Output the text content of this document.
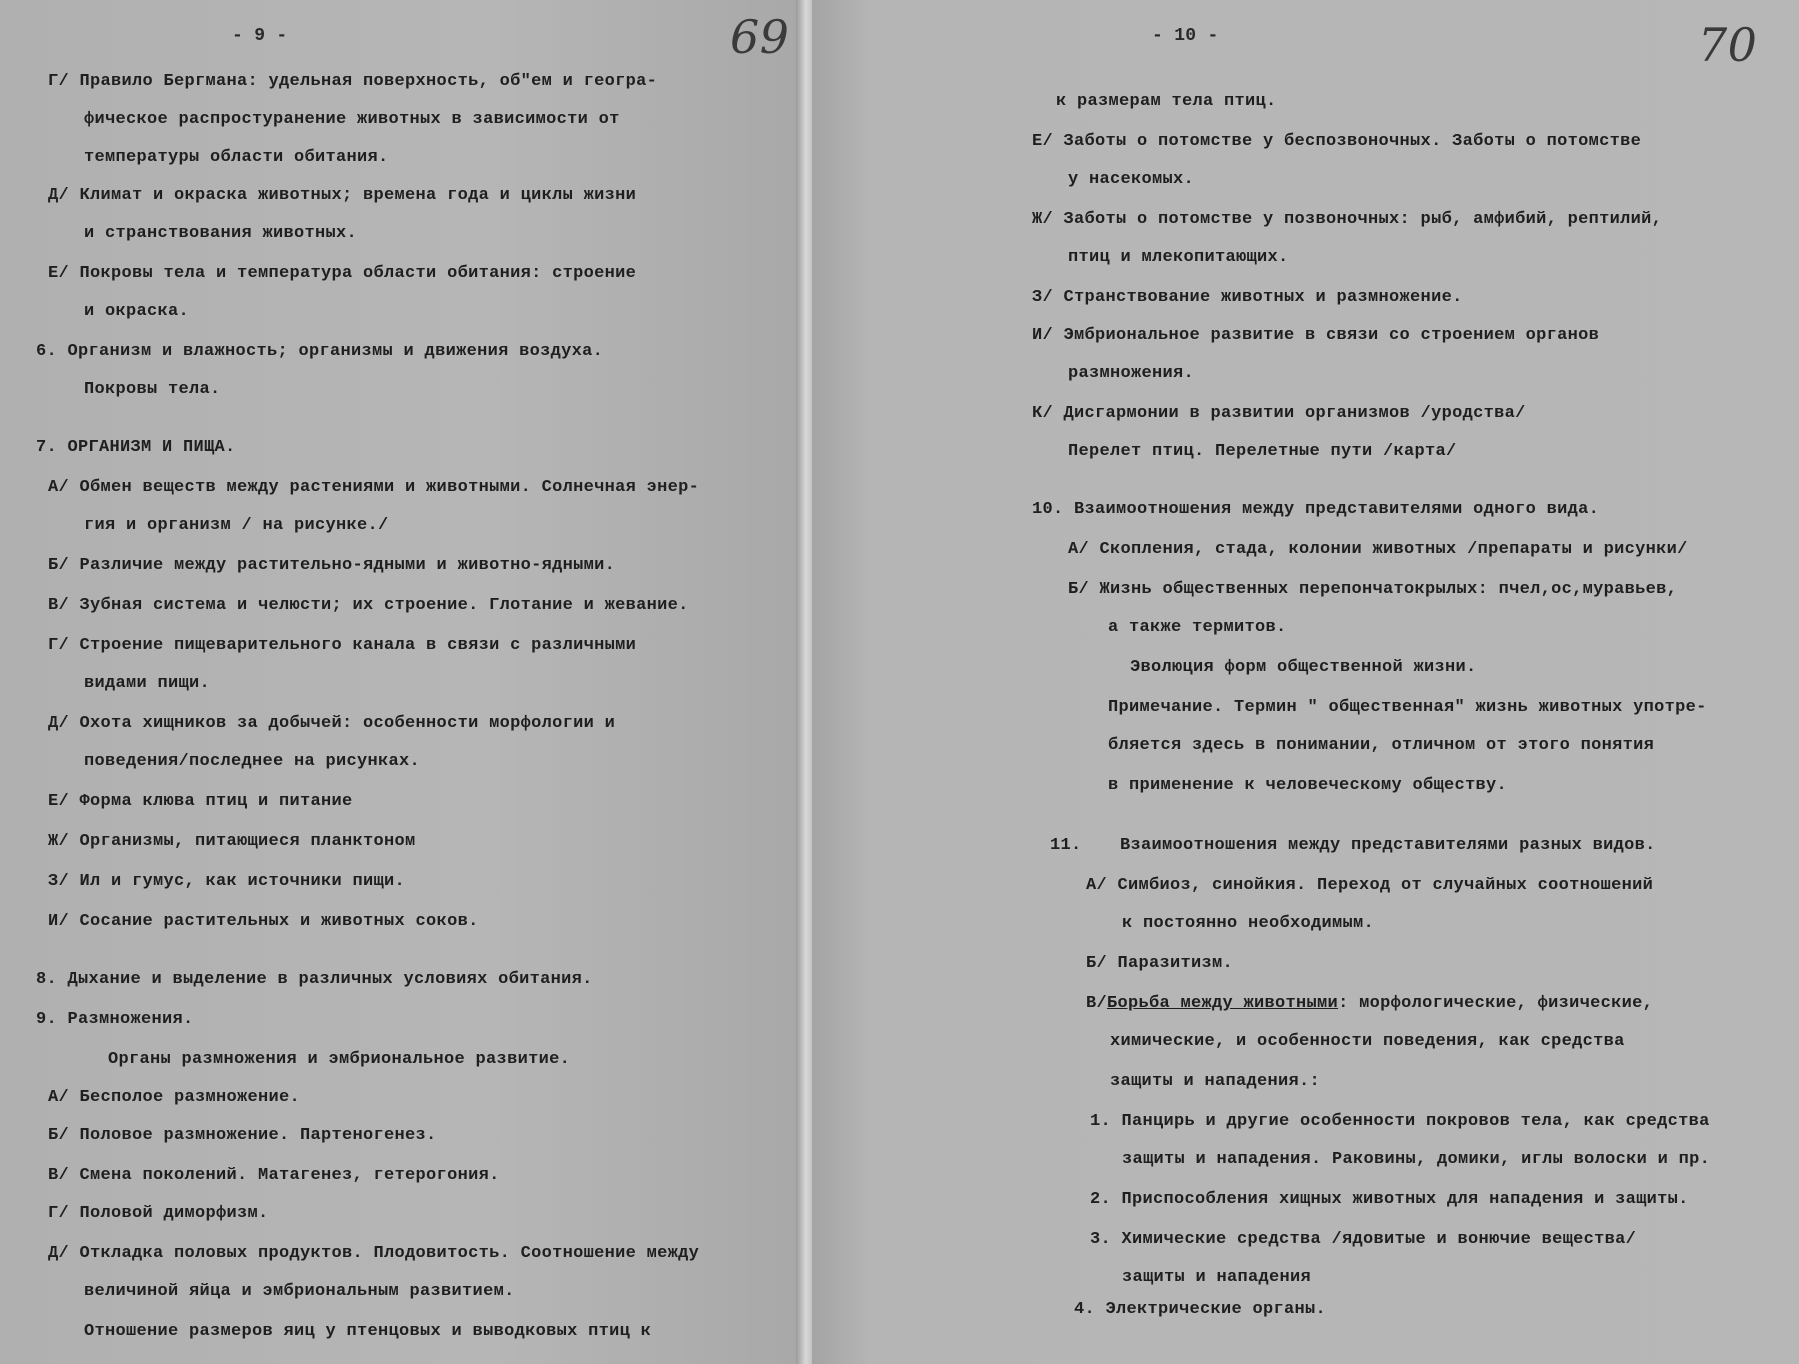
- 9 -	69
Г/ Правило Бергмана: удельная поверхность, об"ем и геогра-
фическое распростуранение животных в зависимости от
температуры области обитания.
Д/ Климат и окраска животных; времена года и циклы жизни
и странствования животных.
Е/ Покровы тела и температура области обитания: строение
и окраска.
6. Организм и влажность; организмы и движения воздуха.
Покровы тела.
7. ОРГАНИЗМ И ПИЩА.
А/ Обмен веществ между растениями и животными. Солнечная энер-
гия и организм / на рисунке./
Б/ Различие между растительно-ядными и животно-ядными.
В/ Зубная система и челюсти; их строение. Глотание и жевание.
Г/ Строение пищеварительного канала в связи с различными
видами пищи.
Д/ Охота хищников за добычей: особенности морфологии и
поведения/последнее на рисунках.
Е/ Форма клюва птиц и питание
Ж/ Организмы, питающиеся планктоном
З/ Ил и гумус, как источники пищи.
И/ Сосание растительных и животных соков.
8. Дыхание и выделение в различных условиях обитания.
9. Размножения.
Органы размножения и эмбриональное развитие.
А/ Бесполое размножение.
Б/ Половое размножение. Партеногенез.
В/ Смена поколений. Матагенез, гетерогония.
Г/ Половой диморфизм.
Д/ Откладка половых продуктов. Плодовитость. Соотношение между
величиной яйца и эмбриональным развитием.
Отношение размеров яиц у птенцовых и выводковых птиц к
- 10 -	70
к размерам тела птиц.
Е/ Заботы о потомстве у беспозвоночных. Заботы о потомстве
у насекомых.
Ж/ Заботы о потомстве у позвоночных: рыб, амфибий, рептилий,
птиц и млекопитающих.
З/ Странствование животных и размножение.
И/ Эмбриональное развитие в связи со строением органов
размножения.
К/ Дисгармонии в развитии организмов /уродства/
Перелет птиц. Перелетные пути /карта/
10. Взаимоотношения между представителями одного вида.
А/ Скопления, стада, колонии животных /препараты и рисунки/
Б/ Жизнь общественных перепончатокрылых: пчел,ос,муравьев,
а также термитов.
Эволюция форм общественной жизни.
Примечание. Термин " общественная" жизнь животных употре-
бляется здесь в понимании, отличном от этого понятия
в применение к человеческому обществу.
11. Взаимоотношения между представителями разных видов.
А/ Симбиоз, синойкия. Переход от случайных соотношений
к постоянно необходимым.
Б/ Паразитизм.
В/Борьба между животными: морфологические, физические,
химические, и особенности поведения, как средства
защиты и нападения.:
1. Панцирь и другие особенности покровов тела, как средства
защиты и нападения. Раковины, домики, иглы волоски и пр.
2. Приспособления хищных животных для нападения и защиты.
3. Химические средства /ядовитые и вонючие вещества/
защиты и нападения
4. Электрические органы.
